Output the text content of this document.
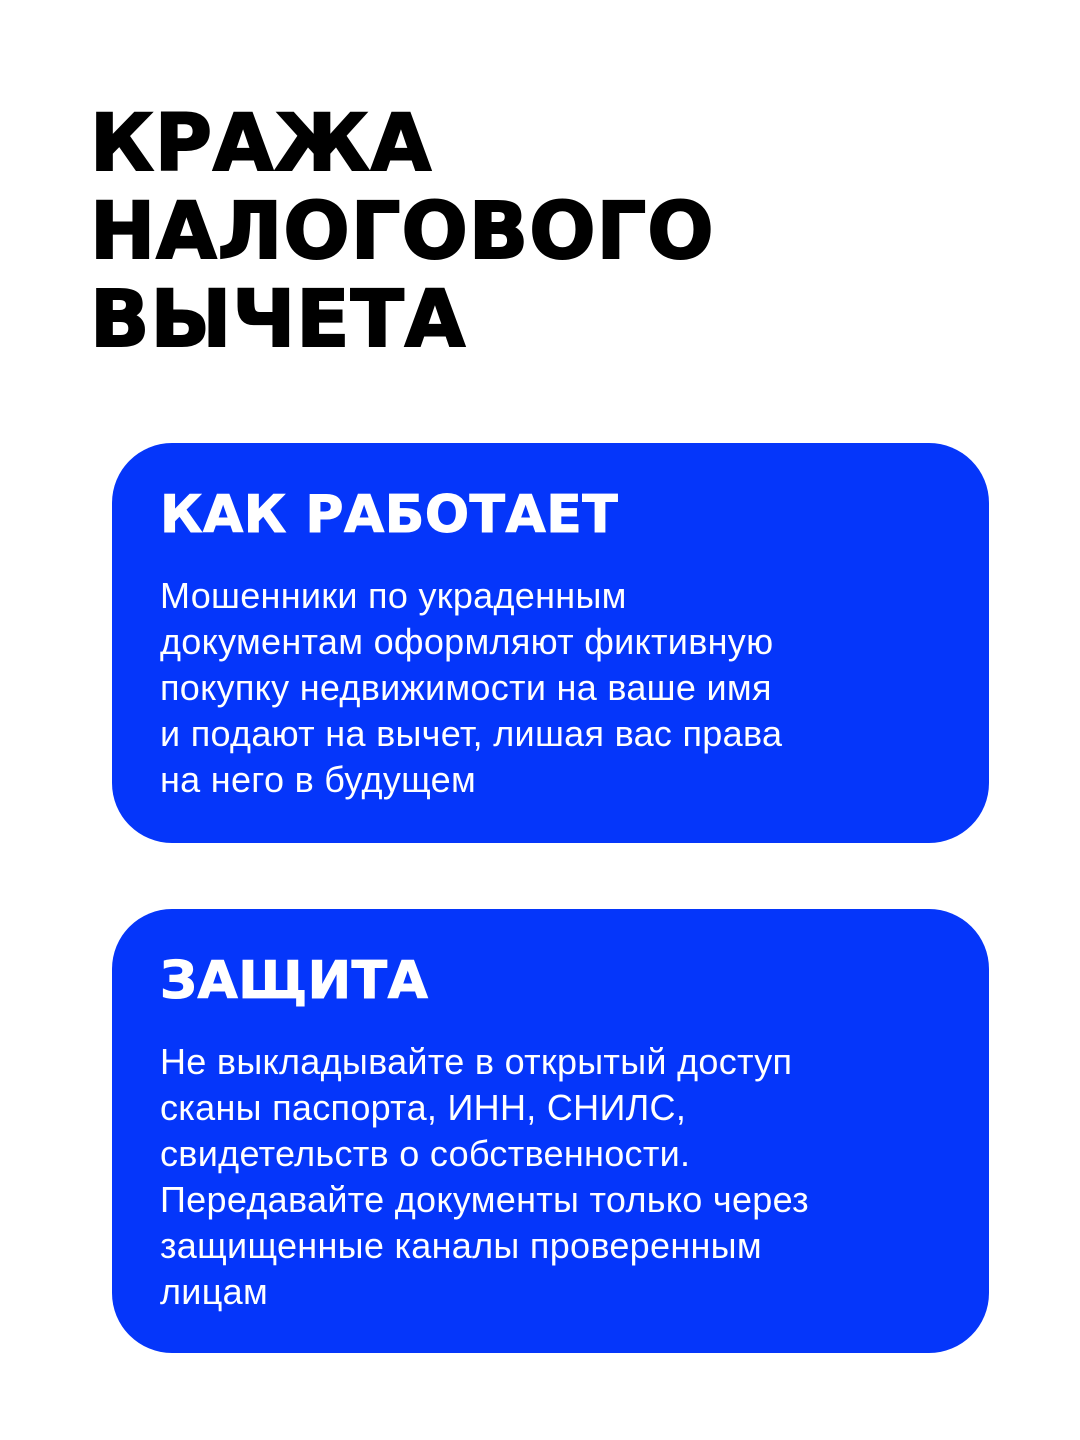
КРАЖА НАЛОГОВОГО ВЫЧЕТА
КАК РАБОТАЕТ

Мошенники по украденным
документам оформляют фиктивную
покупку недвижимости на ваше имя
и подают на вычет, лишая вас права
на него в будущем

ЗАЩИТА

Не выкладывайте в открытый доступ
сканы паспорта, ИНН, СНИЛС,
свидетельств о собственности.
Передавайте документы только через
защищенные каналы проверенным
лицам
